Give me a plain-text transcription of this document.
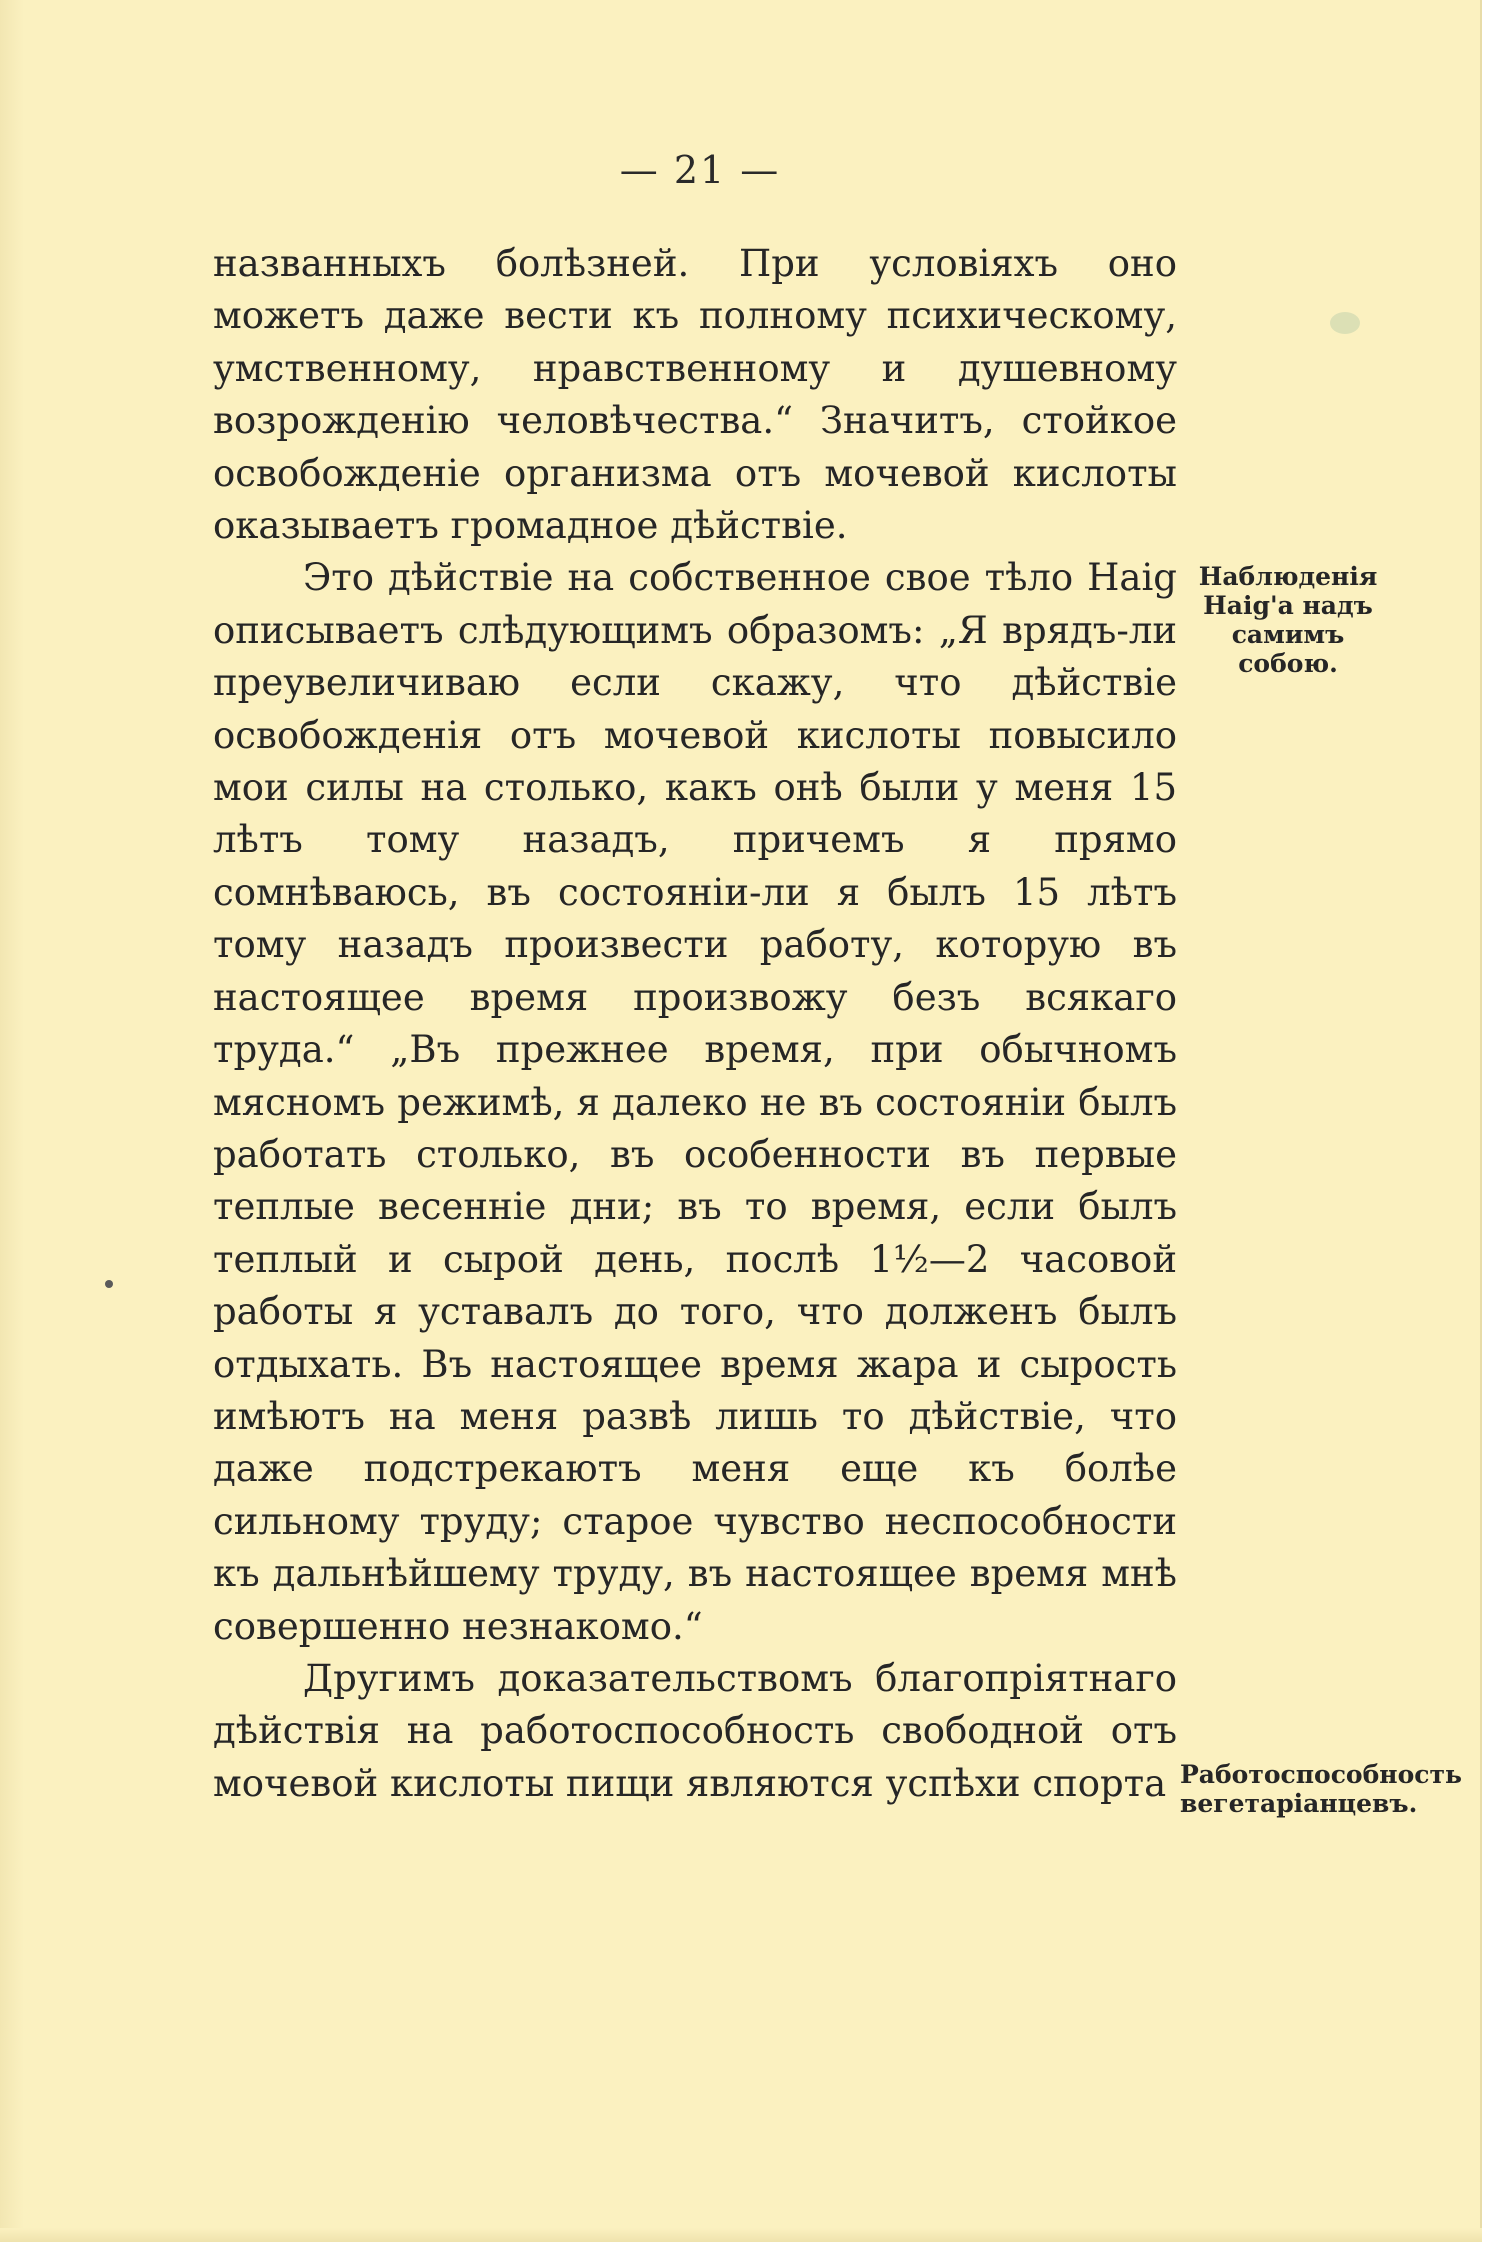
— 21 —

названныхъ болѣзней. При условіяхъ оно можетъ даже вести къ полному психическому, умственному, нравственному и душевному возрожденію человѣчества.“ Значитъ, стойкое освобожденіе организма отъ мочевой кислоты оказываетъ громадное дѣйствіе.

Это дѣйствіе на собственное свое тѣло Haig описываетъ слѣдующимъ образомъ: „Я врядъ-ли преувеличиваю если скажу, что дѣйствіе освобожденія отъ мочевой кислоты повысило мои силы на столько, какъ онѣ были у меня 15 лѣтъ тому назадъ, причемъ я прямо сомнѣваюсь, въ состояніи-ли я былъ 15 лѣтъ тому назадъ произвести работу, которую въ настоящее время произвожу безъ всякаго труда.“ „Въ прежнее время, при обычномъ мясномъ режимѣ, я далеко не въ состояніи былъ работать столько, въ особенности въ первые теплые весенніе дни; въ то время, если былъ теплый и сырой день, послѣ 1½—2 часовой работы я уставалъ до того, что долженъ былъ отдыхать. Въ настоящее время жара и сырость имѣютъ на меня развѣ лишь то дѣйствіе, что даже подстрекаютъ меня еще къ болѣе сильному труду; старое чувство неспособности къ дальнѣйшему труду, въ настоящее время мнѣ совершенно незнакомо.“

Другимъ доказательствомъ благопріятнаго дѣйствія на работоспособность свободной отъ мочевой кислоты пищи являются успѣхи спорта

Наблюденія Haig'а надъ самимъ собою.
Работоспособность вегетаріанцевъ.
